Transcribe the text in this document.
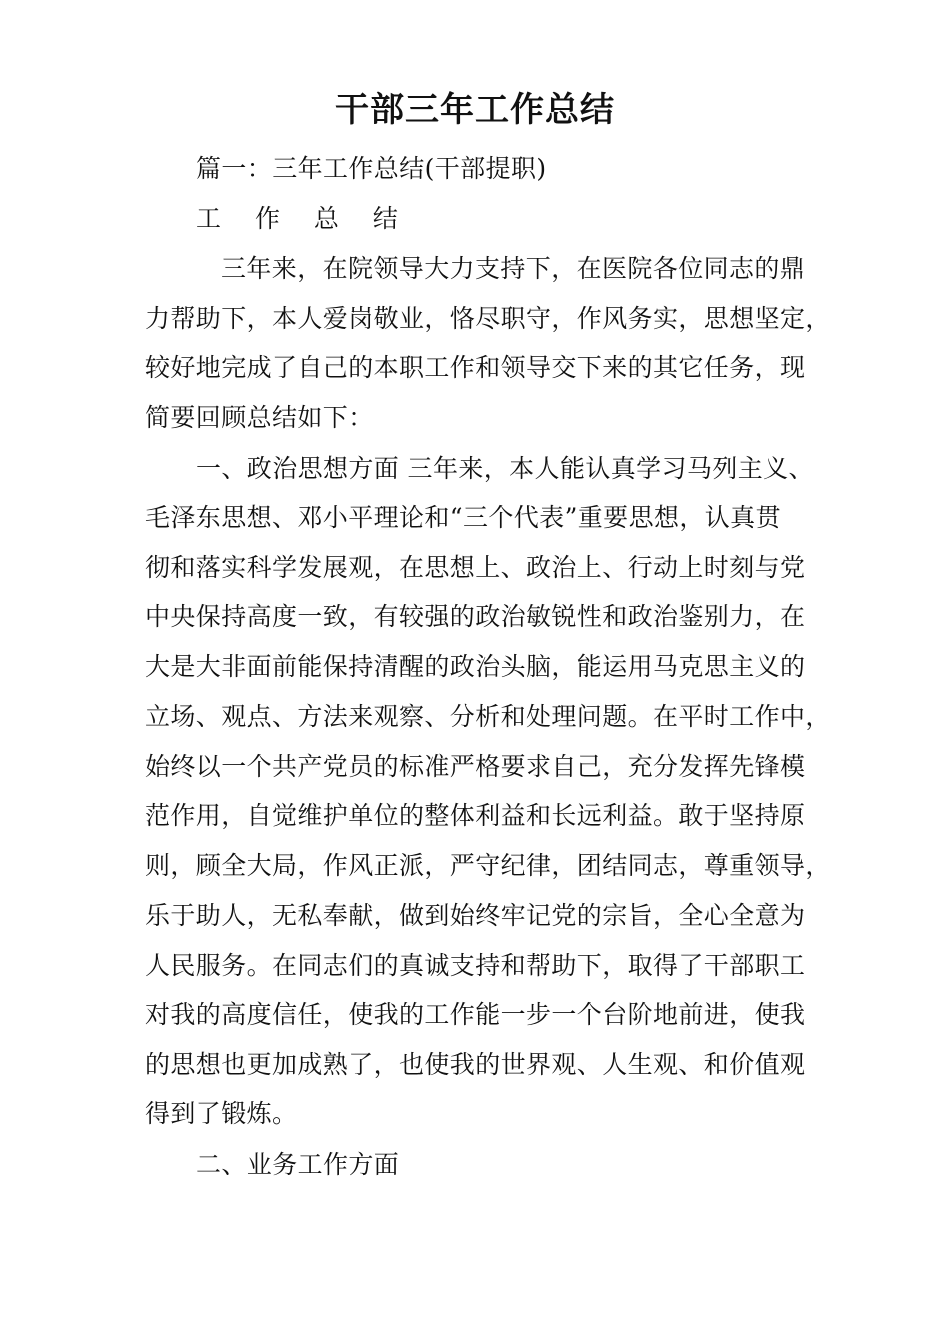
干部三年工作总结
篇一：三年工作总结(干部提职)
工 作 总 结
三年来，在院领导大力支持下，在医院各位同志的鼎
力帮助下，本人爱岗敬业，恪尽职守，作风务实，思想坚定，
较好地完成了自己的本职工作和领导交下来的其它任务，现
简要回顾总结如下：
一、政治思想方面 三年来，本人能认真学习马列主义、
毛泽东思想、邓小平理论和“三个代表”重要思想，认真贯
彻和落实科学发展观，在思想上、政治上、行动上时刻与党
中央保持高度一致，有较强的政治敏锐性和政治鉴别力，在
大是大非面前能保持清醒的政治头脑，能运用马克思主义的
立场、观点、方法来观察、分析和处理问题。在平时工作中，
始终以一个共产党员的标准严格要求自己，充分发挥先锋模
范作用，自觉维护单位的整体利益和长远利益。敢于坚持原
则，顾全大局，作风正派，严守纪律，团结同志，尊重领导，
乐于助人，无私奉献，做到始终牢记党的宗旨，全心全意为
人民服务。在同志们的真诚支持和帮助下，取得了干部职工
对我的高度信任，使我的工作能一步一个台阶地前进，使我
的思想也更加成熟了，也使我的世界观、人生观、和价值观
得到了锻炼。
二、业务工作方面
